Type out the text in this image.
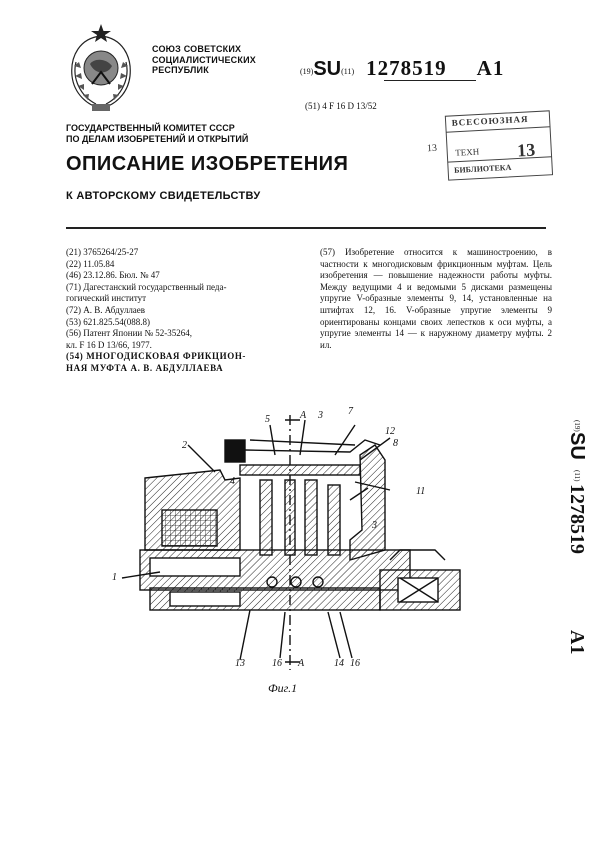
СОЮЗ СОВЕТСКИХ
СОЦИАЛИСТИЧЕСКИХ
РЕСПУБЛИК	(19)SU(11) 1278519 A1
(51) 4 F 16 D 13/52
ВСЕСОЮЗНАЯ
13 ТЕХН 13
БИБЛИОТЕКА
ГОСУДАРСТВЕННЫЙ КОМИТЕТ СССР
ПО ДЕЛАМ ИЗОБРЕТЕНИЙ И ОТКРЫТИЙ
ОПИСАНИЕ ИЗОБРЕТЕНИЯ
К АВТОРСКОМУ СВИДЕТЕЛЬСТВУ
(21) 3765264/25-27
(22) 11.05.84
(46) 23.12.86. Бюл. № 47
(71) Дагестанский государственный педа-
гогический институт
(72) А. В. Абдуллаев
(53) 621.825.54(088.8)
(56) Патент Японии № 52-35264,
кл. F 16 D 13/66, 1977.
(54) МНОГОДИСКОВАЯ ФРИКЦИОН-
НАЯ МУФТА А. В. АБДУЛЛАЕВА
(57) Изобретение относится к машиностроению, в частности к многодисковым фрикционным муфтам. Цель изобретения — повышение надежности работы муфты. Между ведущими 4 и ведомыми 5 дисками размещены упругие V-образные элементы 9, 14, установленные на штифтах 12, 16. V-образные упругие элементы 9 ориентированы концами своих лепестков к оси муфты, а упругие элементы 14 — к наружному диаметру муфты. 2 ил.
5	А 3	7
12
8
2
4
11
3
1
13	16 А	14 16
Фиг.1
(19)
SU
(11)
1278519
A1
